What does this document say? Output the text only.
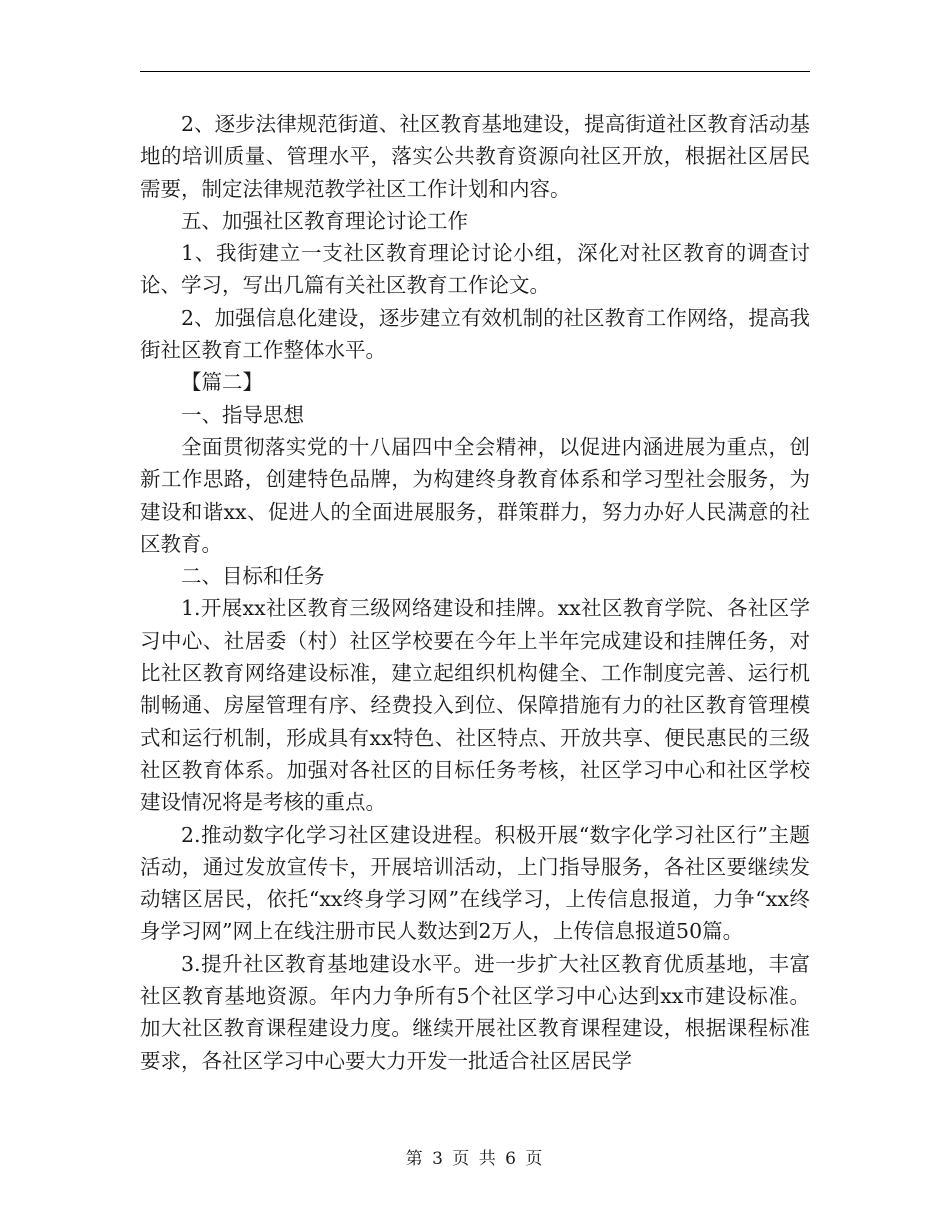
2、逐步法律规范街道、社区教育基地建设，提高街道社区教育活动基地的培训质量、管理水平，落实公共教育资源向社区开放，根据社区居民需要，制定法律规范教学社区工作计划和内容。

五、加强社区教育理论讨论工作

1、我街建立一支社区教育理论讨论小组，深化对社区教育的调查讨论、学习，写出几篇有关社区教育工作论文。

2、加强信息化建设，逐步建立有效机制的社区教育工作网络，提高我街社区教育工作整体水平。

【篇二】

一、指导思想

全面贯彻落实党的十八届四中全会精神，以促进内涵进展为重点，创新工作思路，创建特色品牌，为构建终身教育体系和学习型社会服务，为建设和谐xx、促进人的全面进展服务，群策群力，努力办好人民满意的社区教育。

二、目标和任务

1.开展xx社区教育三级网络建设和挂牌。xx社区教育学院、各社区学习中心、社居委（村）社区学校要在今年上半年完成建设和挂牌任务，对比社区教育网络建设标准，建立起组织机构健全、工作制度完善、运行机制畅通、房屋管理有序、经费投入到位、保障措施有力的社区教育管理模式和运行机制，形成具有xx特色、社区特点、开放共享、便民惠民的三级社区教育体系。加强对各社区的目标任务考核，社区学习中心和社区学校建设情况将是考核的重点。

2.推动数字化学习社区建设进程。积极开展“数字化学习社区行”主题活动，通过发放宣传卡，开展培训活动，上门指导服务，各社区要继续发动辖区居民，依托“xx终身学习网”在线学习，上传信息报道，力争“xx终身学习网”网上在线注册市民人数达到2万人，上传信息报道50篇。

3.提升社区教育基地建设水平。进一步扩大社区教育优质基地，丰富社区教育基地资源。年内力争所有5个社区学习中心达到xx市建设标准。加大社区教育课程建设力度。继续开展社区教育课程建设，根据课程标准要求，各社区学习中心要大力开发一批适合社区居民学

第 3 页 共 6 页
